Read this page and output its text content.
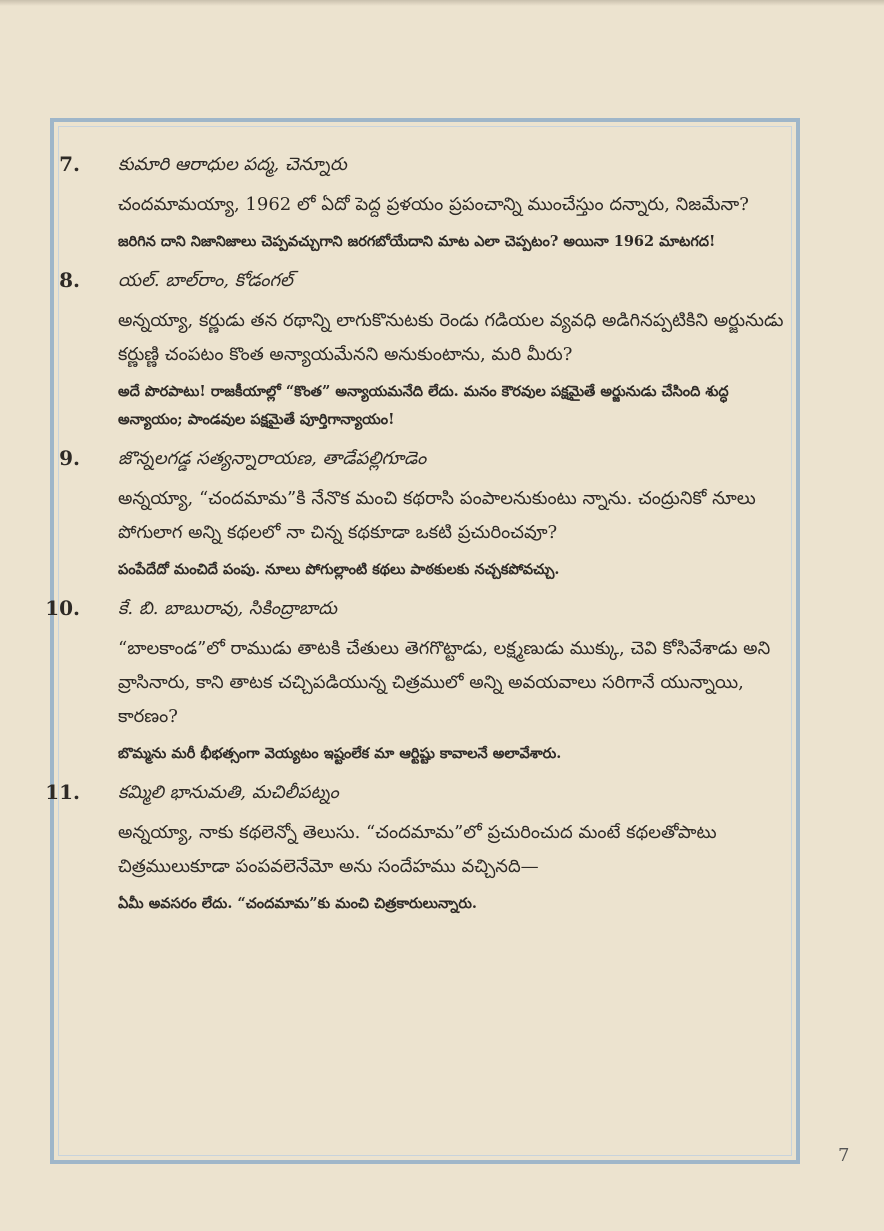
7. కుమారి ఆరాధుల పద్మ, చెన్నూరు
చందమామయ్యా, 1962 లో ఏదో పెద్ద ప్రళయం ప్రపంచాన్ని ముంచేస్తుం దన్నారు, నిజమేనా?
జరిగిన దాని నిజానిజాలు చెప్పవచ్చుగాని జరగబోయేదాని మాట ఎలా చెప్పటం? అయినా 1962 మాటగద!
8. యల్. బాల్‌రాం, కోడంగల్
అన్నయ్యా, కర్ణుడు తన రథాన్ని లాగుకొనుటకు రెండు గడియల వ్యవధి అడిగినప్పటికిని అర్జునుడు కర్ణుణ్ణి చంపటం కొంత అన్యాయమేనని అనుకుంటాను, మరి మీరు?
అదే పొరపాటు! రాజకీయాల్లో “కొంత” అన్యాయమనేది లేదు. మనం కౌరవుల పక్షమైతే అర్జునుడు చేసింది శుద్ధ అన్యాయం; పాండవుల పక్షమైతే పూర్తిగాన్యాయం!
9. జొన్నలగడ్డ సత్యన్నారాయణ, తాడేపల్లిగూడెం
అన్నయ్యా, “చందమామ”కి నేనొక మంచి కథరాసి పంపాలనుకుంటు న్నాను. చంద్రునికో నూలు పోగులాగ అన్ని కథలలో నా చిన్న కథకూడా ఒకటి ప్రచురించవూ?
పంపేదేదో మంచిదే పంపు. నూలు పోగుల్లాంటి కథలు పాఠకులకు నచ్చకపోవచ్చు.
10. కే. బి. బాబురావు, సికింద్రాబాదు
“బాలకాండ”లో రాముడు తాటకి చేతులు తెగగొట్టాడు, లక్ష్మణుడు ముక్కు, చెవి కోసివేశాడు అని వ్రాసినారు, కాని తాటక చచ్చిపడియున్న చిత్రములో అన్ని అవయవాలు సరిగానే యున్నాయి, కారణం?
బొమ్మను మరీ భీభత్సంగా వెయ్యటం ఇష్టంలేక మా ఆర్టిష్టు కావాలనే అలావేశారు.
11. కమ్మిలి భానుమతి, మచిలీపట్నం
అన్నయ్యా, నాకు కథలెన్నో తెలుసు. “చందమామ”లో ప్రచురించుద మంటే కథలతోపాటు చిత్రములుకూడా పంపవలెనేమో అను సందేహము వచ్చినది—
ఏమీ అవసరం లేదు. “చందమామ”కు మంచి చిత్రకారులున్నారు.
7
